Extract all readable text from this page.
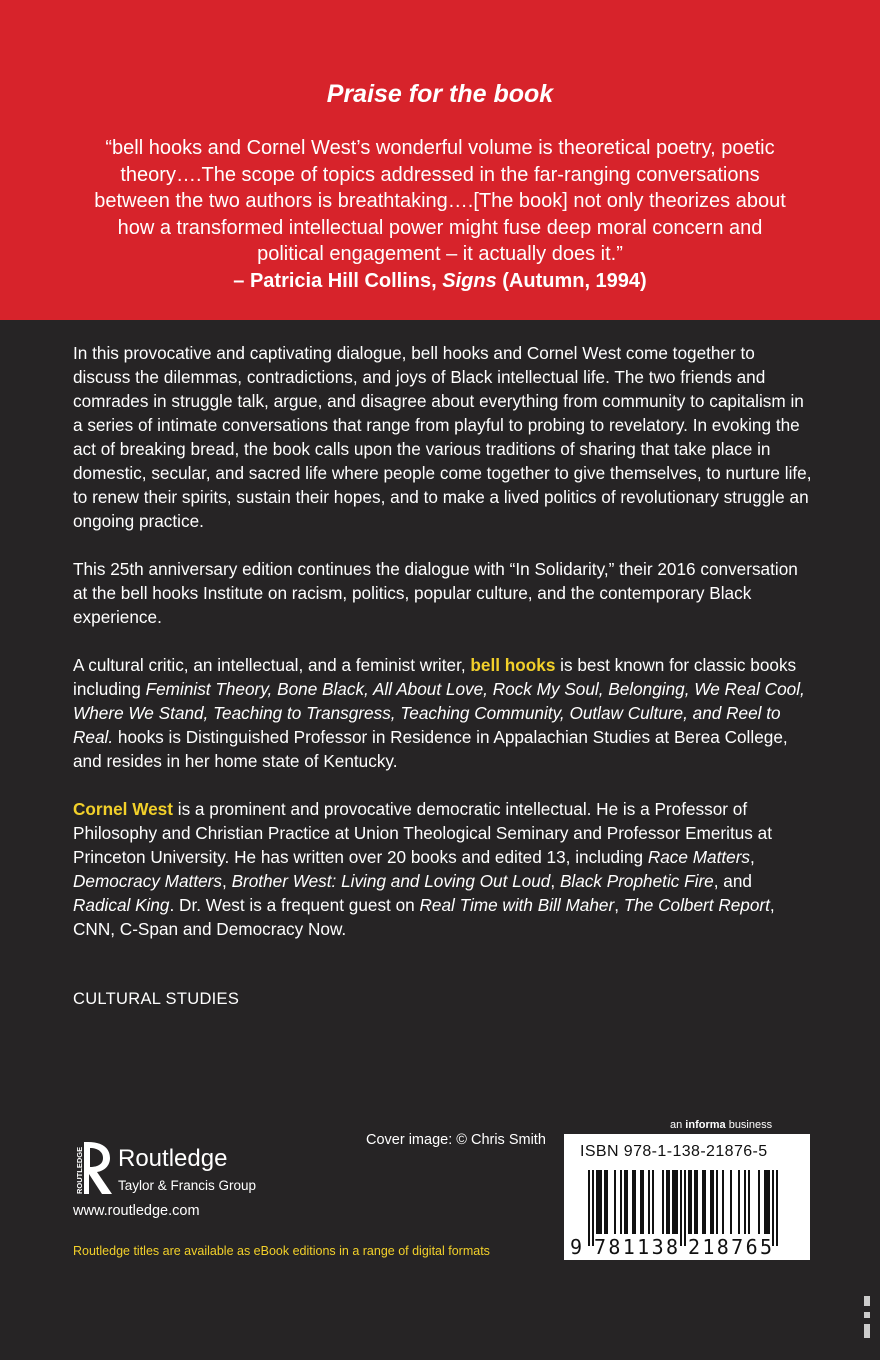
Praise for the book
“bell hooks and Cornel West’s wonderful volume is theoretical poetry, poetic theory….The scope of topics addressed in the far-ranging conversations between the two authors is breathtaking….[The book] not only theorizes about how a transformed intellectual power might fuse deep moral concern and political engagement – it actually does it.”
– Patricia Hill Collins, Signs (Autumn, 1994)
In this provocative and captivating dialogue, bell hooks and Cornel West come together to discuss the dilemmas, contradictions, and joys of Black intellectual life. The two friends and comrades in struggle talk, argue, and disagree about everything from community to capitalism in a series of intimate conversations that range from playful to probing to revelatory. In evoking the act of breaking bread, the book calls upon the various traditions of sharing that take place in domestic, secular, and sacred life where people come together to give themselves, to nurture life, to renew their spirits, sustain their hopes, and to make a lived politics of revolutionary struggle an ongoing practice.
This 25th anniversary edition continues the dialogue with “In Solidarity,” their 2016 conversation at the bell hooks Institute on racism, politics, popular culture, and the contemporary Black experience.
A cultural critic, an intellectual, and a feminist writer, bell hooks is best known for classic books including Feminist Theory, Bone Black, All About Love, Rock My Soul, Belonging, We Real Cool, Where We Stand, Teaching to Transgress, Teaching Community, Outlaw Culture, and Reel to Real. hooks is Distinguished Professor in Residence in Appalachian Studies at Berea College, and resides in her home state of Kentucky.
Cornel West is a prominent and provocative democratic intellectual. He is a Professor of Philosophy and Christian Practice at Union Theological Seminary and Professor Emeritus at Princeton University. He has written over 20 books and edited 13, including Race Matters, Democracy Matters, Brother West: Living and Loving Out Loud, Black Prophetic Fire, and Radical King. Dr. West is a frequent guest on Real Time with Bill Maher, The Colbert Report, CNN, C-Span and Democracy Now.
CULTURAL STUDIES
ROUTLEDGE Routledge
Taylor & Francis Group
www.routledge.com
Routledge titles are available as eBook editions in a range of digital formats
Cover image: © Chris Smith
an informa business
9 781138 218765
ISBN 978-1-138-21876-5
